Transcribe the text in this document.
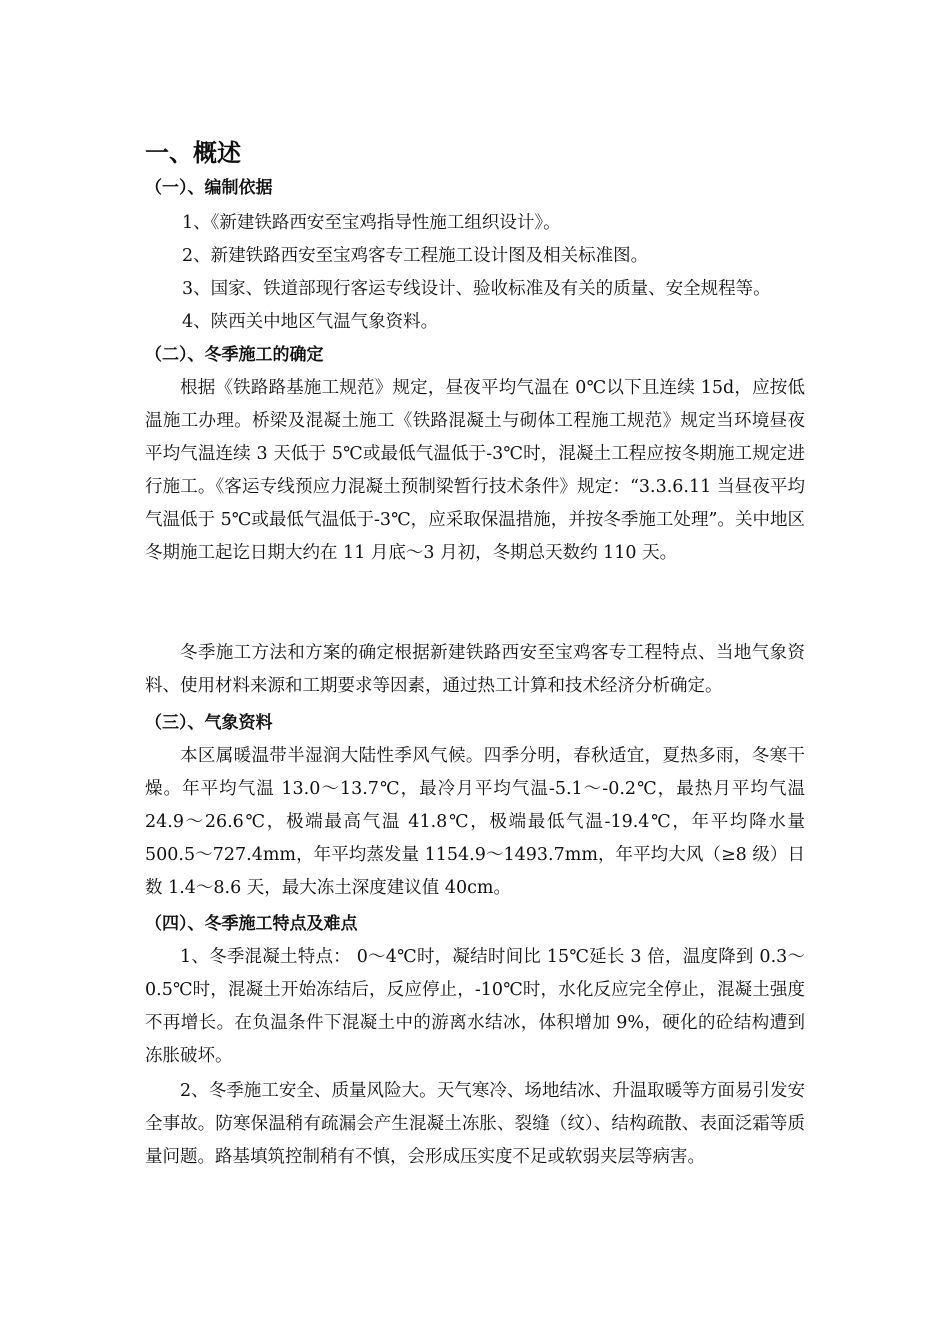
一、概述
（一）、编制依据
1、《新建铁路西安至宝鸡指导性施工组织设计》。
2、新建铁路西安至宝鸡客专工程施工设计图及相关标准图。
3、国家、铁道部现行客运专线设计、验收标准及有关的质量、安全规程等。
4、陕西关中地区气温气象资料。
（二）、冬季施工的确定
根据《铁路路基施工规范》规定，昼夜平均气温在 0℃以下且连续 15d，应按低温施工办理。桥梁及混凝土施工《铁路混凝土与砌体工程施工规范》规定当环境昼夜平均气温连续 3 天低于 5℃或最低气温低于-3℃时，混凝土工程应按冬期施工规定进行施工。《客运专线预应力混凝土预制梁暂行技术条件》规定：“3.3.6.11 当昼夜平均气温低于 5℃或最低气温低于-3℃，应采取保温措施，并按冬季施工处理”。关中地区冬期施工起讫日期大约在 11 月底～3 月初，冬期总天数约 110 天。
冬季施工方法和方案的确定根据新建铁路西安至宝鸡客专工程特点、当地气象资料、使用材料来源和工期要求等因素，通过热工计算和技术经济分析确定。
（三）、气象资料
本区属暖温带半湿润大陆性季风气候。四季分明，春秋适宜，夏热多雨，冬寒干燥。年平均气温 13.0～13.7℃，最冷月平均气温-5.1～-0.2℃，最热月平均气温 24.9～26.6℃，极端最高气温 41.8℃，极端最低气温-19.4℃，年平均降水量 500.5～727.4mm，年平均蒸发量 1154.9～1493.7mm，年平均大风（≥8 级）日数 1.4～8.6 天，最大冻土深度建议值 40cm。
（四）、冬季施工特点及难点
1、冬季混凝土特点： 0～4℃时，凝结时间比 15℃延长 3 倍，温度降到 0.3～0.5℃时，混凝土开始冻结后，反应停止，-10℃时，水化反应完全停止，混凝土强度不再增长。在负温条件下混凝土中的游离水结冰，体积增加 9%，硬化的砼结构遭到冻胀破坏。
2、冬季施工安全、质量风险大。天气寒冷、场地结冰、升温取暖等方面易引发安全事故。防寒保温稍有疏漏会产生混凝土冻胀、裂缝（纹）、结构疏散、表面泛霜等质量问题。路基填筑控制稍有不慎，会形成压实度不足或软弱夹层等病害。
